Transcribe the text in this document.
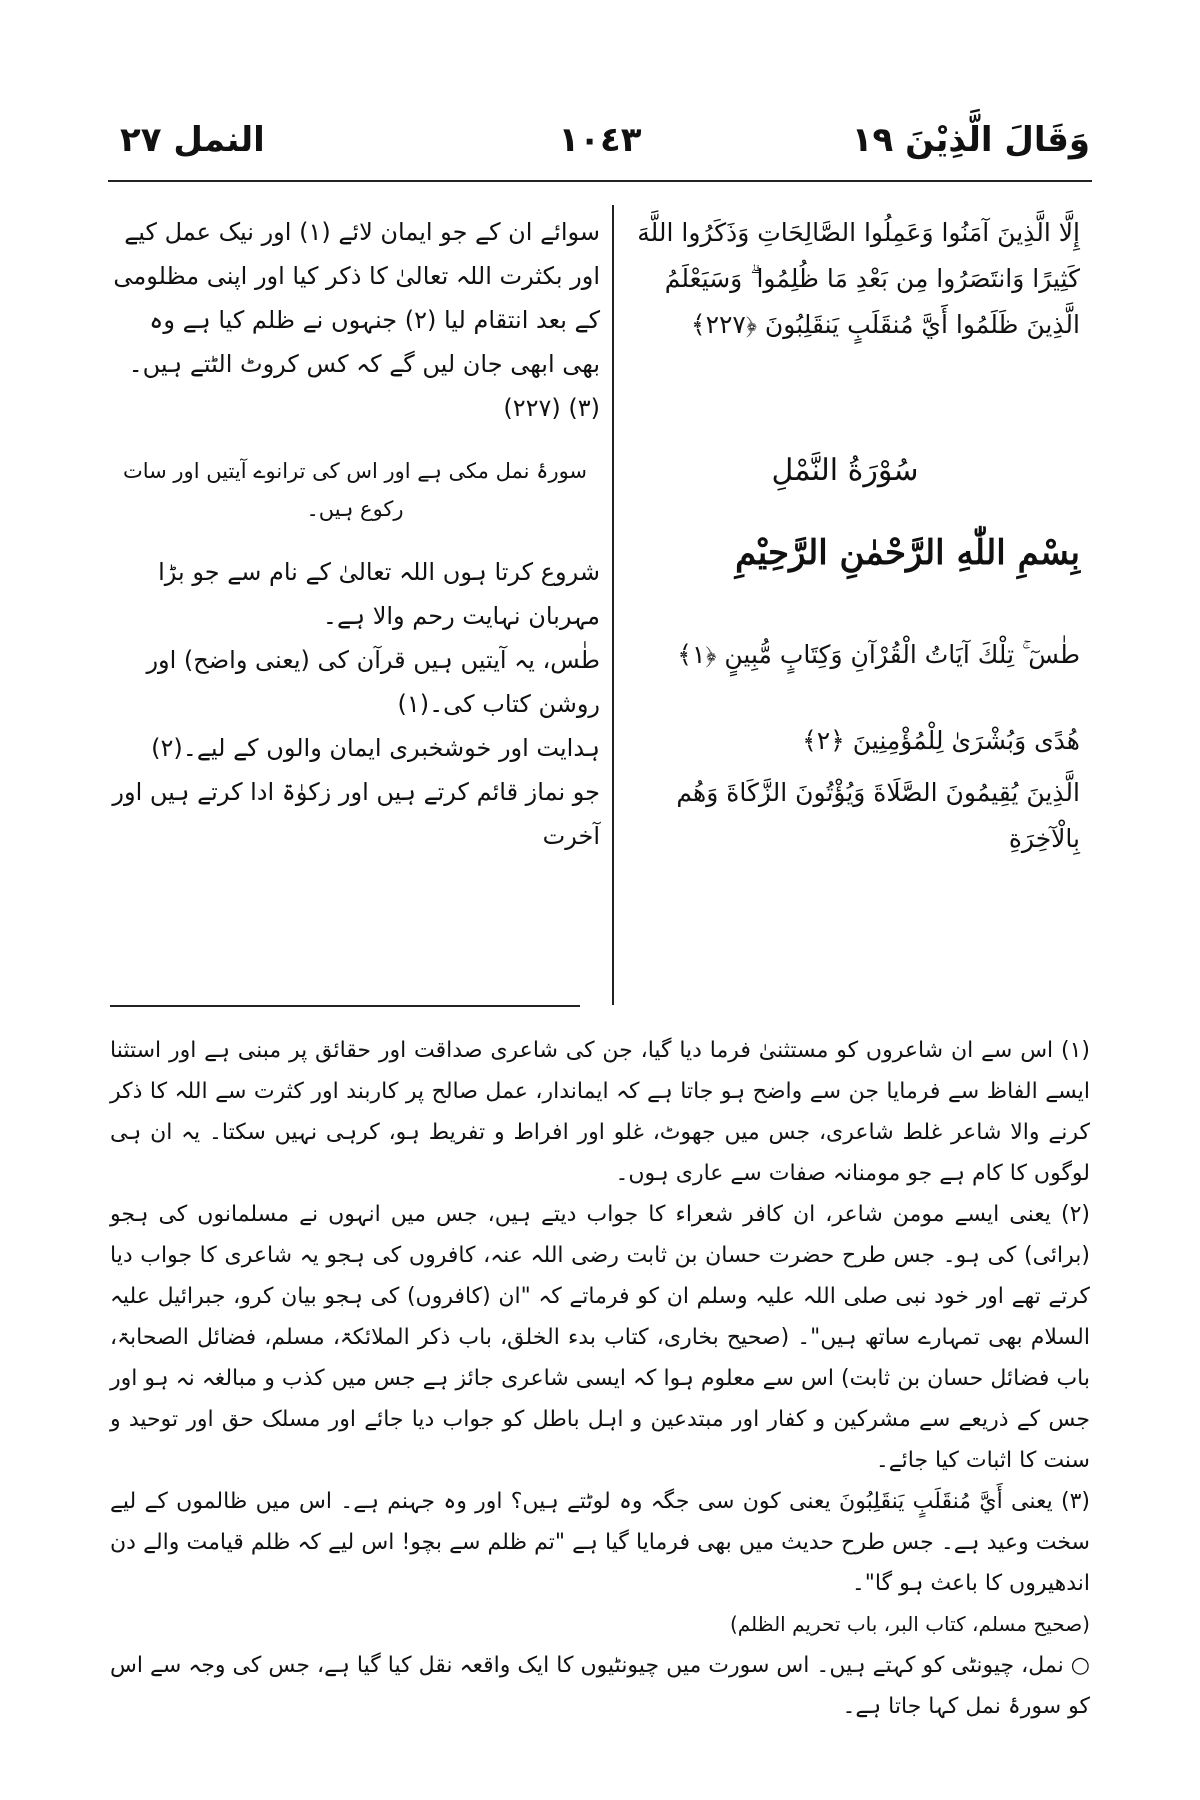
النمل ٢٧	١٠٤٣	وَقَالَ الَّذِيْنَ ١٩

سوائے ان کے جو ایمان لائے (١) اور نیک عمل کیے اور بکثرت اللہ تعالیٰ کا ذکر کیا اور اپنی مظلومی کے بعد انتقام لیا (٢) جنہوں نے ظلم کیا ہے وہ بھی ابھی جان لیں گے کہ کس کروٹ الٹتے ہیں۔ (٣) (٢٢٧)

سورۂ نمل مکی ہے اور اس کی ترانوے آیتیں اور سات رکوع ہیں۔

شروع کرتا ہوں اللہ تعالیٰ کے نام سے جو بڑا مہربان نہایت رحم والا ہے۔

طٰس، یہ آیتیں ہیں قرآن کی (یعنی واضح) اور روشن کتاب کی۔(١)

ہدایت اور خوشخبری ایمان والوں کے لیے۔(٢)

جو نماز قائم کرتے ہیں اور زکوٰۃ ادا کرتے ہیں اور آخرت

إِلَّا الَّذِينَ آمَنُوا وَعَمِلُوا الصَّالِحَاتِ وَذَكَرُوا اللَّهَ كَثِيرًا وَانتَصَرُوا مِن بَعْدِ مَا ظُلِمُوا ۗ وَسَيَعْلَمُ الَّذِينَ ظَلَمُوا أَيَّ مُنقَلَبٍ يَنقَلِبُونَ ﴿٢٢٧﴾

سُوْرَةُ النَّمْلِ

بِسْمِ اللّٰهِ الرَّحْمٰنِ الرَّحِيْمِ

طٰسٓ ۚ تِلْكَ آيَاتُ الْقُرْآنِ وَكِتَابٍ مُّبِينٍ ﴿١﴾

هُدًى وَبُشْرَىٰ لِلْمُؤْمِنِينَ ﴿٢﴾

الَّذِينَ يُقِيمُونَ الصَّلَاةَ وَيُؤْتُونَ الزَّكَاةَ وَهُم بِالْآخِرَةِ

(١) اس سے ان شاعروں کو مستثنیٰ فرما دیا گیا، جن کی شاعری صداقت اور حقائق پر مبنی ہے اور استثنا ایسے الفاظ سے فرمایا جن سے واضح ہو جاتا ہے کہ ایماندار، عمل صالح پر کاربند اور کثرت سے اللہ کا ذکر کرنے والا شاعر غلط شاعری، جس میں جھوٹ، غلو اور افراط و تفریط ہو، کرہی نہیں سکتا۔ یہ ان ہی لوگوں کا کام ہے جو مومنانہ صفات سے عاری ہوں۔

(٢) یعنی ایسے مومن شاعر، ان کافر شعراء کا جواب دیتے ہیں، جس میں انہوں نے مسلمانوں کی ہجو (برائی) کی ہو۔ جس طرح حضرت حسان بن ثابت رضی اللہ عنہ، کافروں کی ہجو یہ شاعری کا جواب دیا کرتے تھے اور خود نبی صلی اللہ علیہ وسلم ان کو فرماتے کہ "ان (کافروں) کی ہجو بیان کرو، جبرائیل علیہ السلام بھی تمہارے ساتھ ہیں"۔ (صحیح بخاری، کتاب بدء الخلق، باب ذکر الملائکۃ، مسلم، فضائل الصحابۃ، باب فضائل حسان بن ثابت) اس سے معلوم ہوا کہ ایسی شاعری جائز ہے جس میں کذب و مبالغہ نہ ہو اور جس کے ذریعے سے مشرکین و کفار اور مبتدعین و اہل باطل کو جواب دیا جائے اور مسلک حق اور توحید و سنت کا اثبات کیا جائے۔

(٣) یعنی أَيَّ مُنقَلَبٍ يَنقَلِبُونَ یعنی کون سی جگہ وہ لوٹتے ہیں؟ اور وہ جہنم ہے۔ اس میں ظالموں کے لیے سخت وعید ہے۔ جس طرح حدیث میں بھی فرمایا گیا ہے "تم ظلم سے بچو! اس لیے کہ ظلم قیامت والے دن اندھیروں کا باعث ہو گا"۔

(صحیح مسلم، کتاب البر، باب تحریم الظلم)

○ نمل، چیونٹی کو کہتے ہیں۔ اس سورت میں چیونٹیوں کا ایک واقعہ نقل کیا گیا ہے، جس کی وجہ سے اس کو سورۂ نمل کہا جاتا ہے۔
